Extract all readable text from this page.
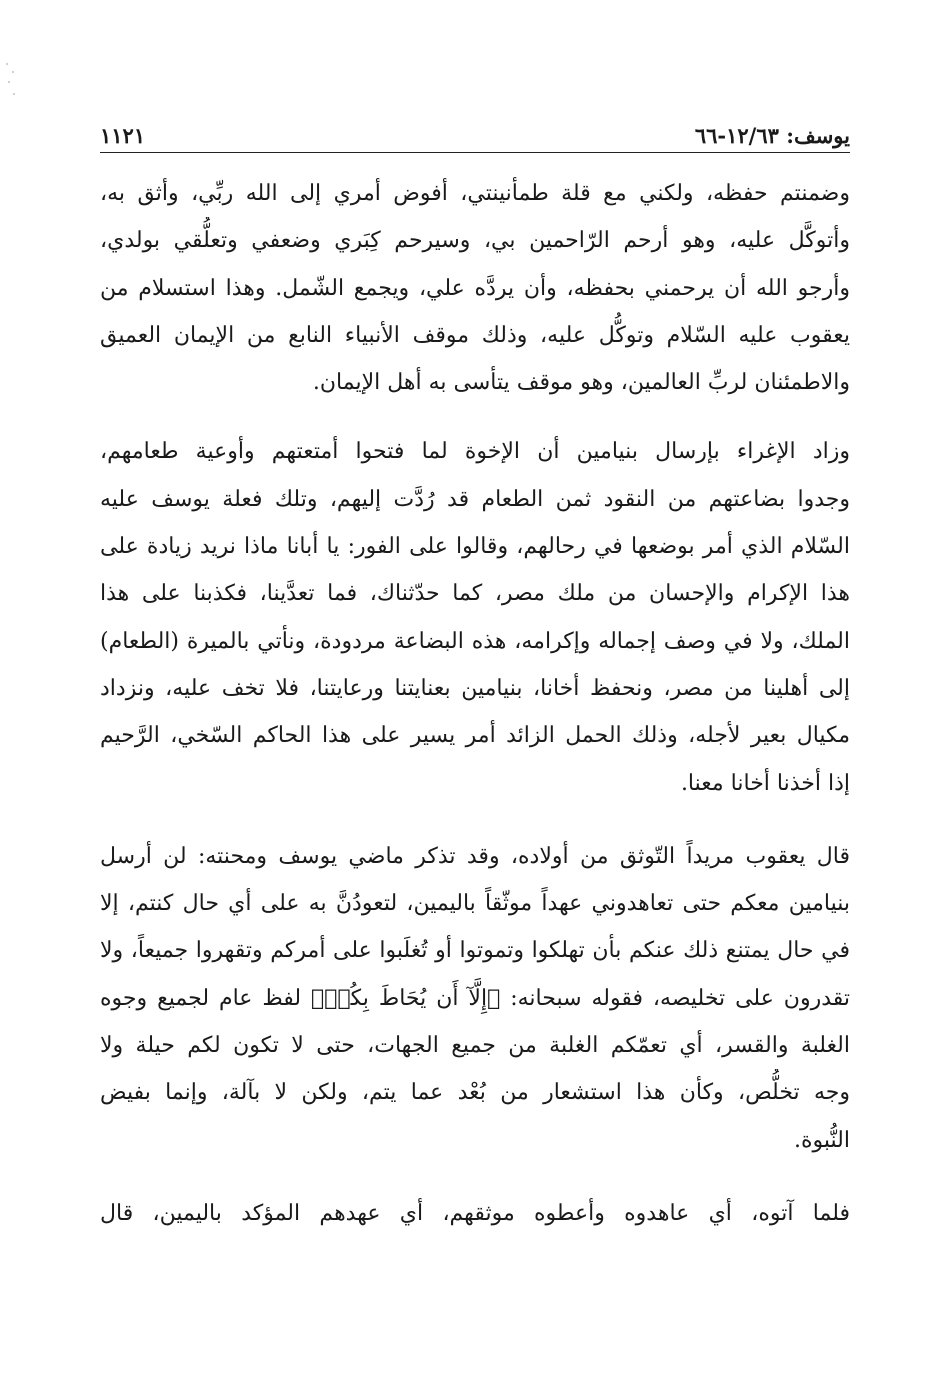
يوسف: ١٢/٦٣-٦٦
١١٢١

وضمنتم حفظه، ولكني مع قلة طمأنينتي، أفوض أمري إلى الله ربِّي، وأثق به،
وأتوكَّل عليه، وهو أرحم الرّاحمين بي، وسيرحم كِبَري وضعفي وتعلُّقي بولدي،
وأرجو الله أن يرحمني بحفظه، وأن يردَّه علي، ويجمع الشّمل. وهذا استسلام من
يعقوب عليه السّلام وتوكُّل عليه، وذلك موقف الأنبياء النابع من الإيمان العميق
والاطمئنان لربِّ العالمين، وهو موقف يتأسى به أهل الإيمان.

وزاد الإغراء بإرسال بنيامين أن الإخوة لما فتحوا أمتعتهم وأوعية طعامهم،
وجدوا بضاعتهم من النقود ثمن الطعام قد رُدَّت إليهم، وتلك فعلة يوسف عليه
السّلام الذي أمر بوضعها في رحالهم، وقالوا على الفور: يا أبانا ماذا نريد زيادة على
هذا الإكرام والإحسان من ملك مصر، كما حدّثناك، فما تعدَّينا، فكذبنا على هذا
الملك، ولا في وصف إجماله وإكرامه، هذه البضاعة مردودة، ونأتي بالميرة (الطعام)
إلى أهلينا من مصر، ونحفظ أخانا، بنيامين بعنايتنا ورعايتنا، فلا تخف عليه، ونزداد
مكيال بعير لأجله، وذلك الحمل الزائد أمر يسير على هذا الحاكم السّخي، الرَّحيم
إذا أخذنا أخانا معنا.

قال يعقوب مريداً التّوثق من أولاده، وقد تذكر ماضي يوسف ومحنته: لن أرسل
بنيامين معكم حتى تعاهدوني عهداً موثّقاً باليمين، لتعودُنَّ به على أي حال كنتم، إلا
في حال يمتنع ذلك عنكم بأن تهلكوا وتموتوا أو تُغلَبوا على أمركم وتقهروا جميعاً، ولا
تقدرون على تخليصه، فقوله سبحانه: ﴿إِلَّآ أَن يُحَاطَ بِكُمۡ﴾ لفظ عام لجميع وجوه
الغلبة والقسر، أي تعمّكم الغلبة من جميع الجهات، حتى لا تكون لكم حيلة ولا
وجه تخلُّص، وكأن هذا استشعار من بُعْد عما يتم، ولكن لا بآلة، وإنما بفيض
النُّبوة.

فلما آتوه، أي عاهدوه وأعطوه موثقهم، أي عهدهم المؤكد باليمين، قال
